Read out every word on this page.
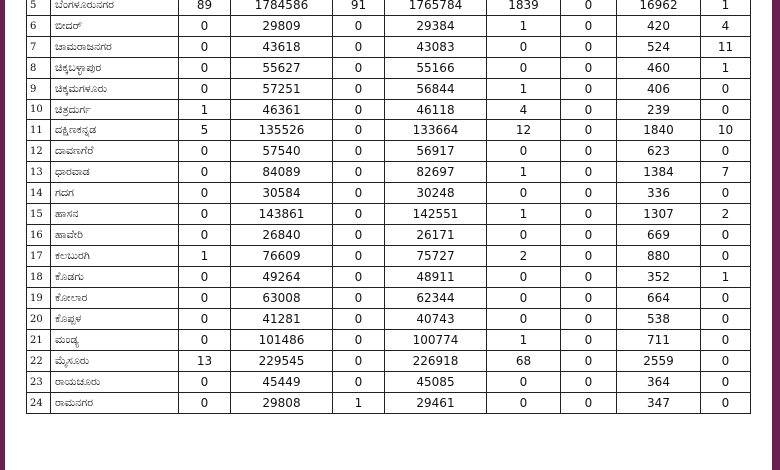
5	ಬೆಂಗಳೂರುನಗರ	89	1784586	91	1765784	1839	0	16962	1
6	ಬೀದರ್	0	29809	0	29384	1	0	420	4
7	ಚಾಮರಾಜನಗರ	0	43618	0	43083	0	0	524	11
8	ಚಿಕ್ಕಬಳ್ಳಾಪುರ	0	55627	0	55166	0	0	460	1
9	ಚಿಕ್ಕಮಗಳೂರು	0	57251	0	56844	1	0	406	0
10	ಚಿತ್ರದುರ್ಗ	1	46361	0	46118	4	0	239	0
11	ದಕ್ಷಿಣಕನ್ನಡ	5	135526	0	133664	12	0	1840	10
12	ದಾವಣಗೆರೆ	0	57540	0	56917	0	0	623	0
13	ಧಾರವಾಡ	0	84089	0	82697	1	0	1384	7
14	ಗದಗ	0	30584	0	30248	0	0	336	0
15	ಹಾಸನ	0	143861	0	142551	1	0	1307	2
16	ಹಾವೇರಿ	0	26840	0	26171	0	0	669	0
17	ಕಲಬುರಗಿ	1	76609	0	75727	2	0	880	0
18	ಕೊಡಗು	0	49264	0	48911	0	0	352	1
19	ಕೋಲಾರ	0	63008	0	62344	0	0	664	0
20	ಕೊಪ್ಪಳ	0	41281	0	40743	0	0	538	0
21	ಮಂಡ್ಯ	0	101486	0	100774	1	0	711	0
22	ಮೈಸೂರು	13	229545	0	226918	68	0	2559	0
23	ರಾಯಚೂರು	0	45449	0	45085	0	0	364	0
24	ರಾಮನಗರ	0	29808	1	29461	0	0	347	0
